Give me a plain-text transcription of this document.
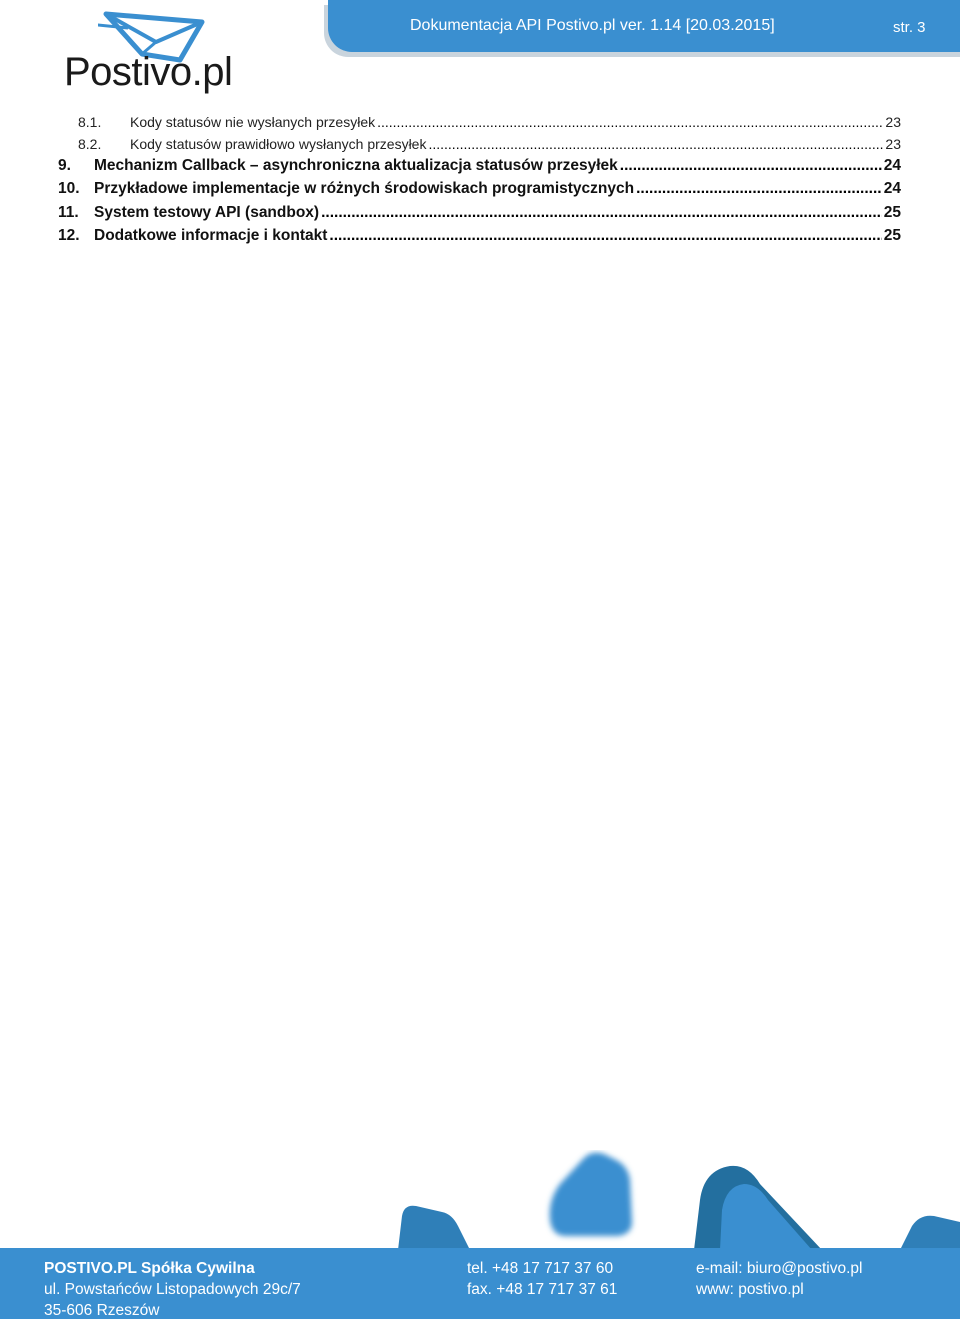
Postivo.pl
Dokumentacja API Postivo.pl ver. 1.14 [20.03.2015]	str. 3
8.1.	Kody statusów nie wysłanych przesyłek .....	23
8.2.	Kody statusów prawidłowo wysłanych przesyłek .....	23
9.	Mechanizm Callback – asynchroniczna aktualizacja statusów przesyłek .....	24
10. Przykładowe implementacje w różnych środowiskach programistycznych .....	24
11. System testowy API (sandbox) .....	25
12. Dodatkowe informacje i kontakt .....	25
POSTIVO.PL Spółka Cywilna
ul. Powstańców Listopadowych 29c/7
35-606 Rzeszów
tel. +48 17 717 37 60
fax. +48 17 717 37 61
e-mail: biuro@postivo.pl
www: postivo.pl
